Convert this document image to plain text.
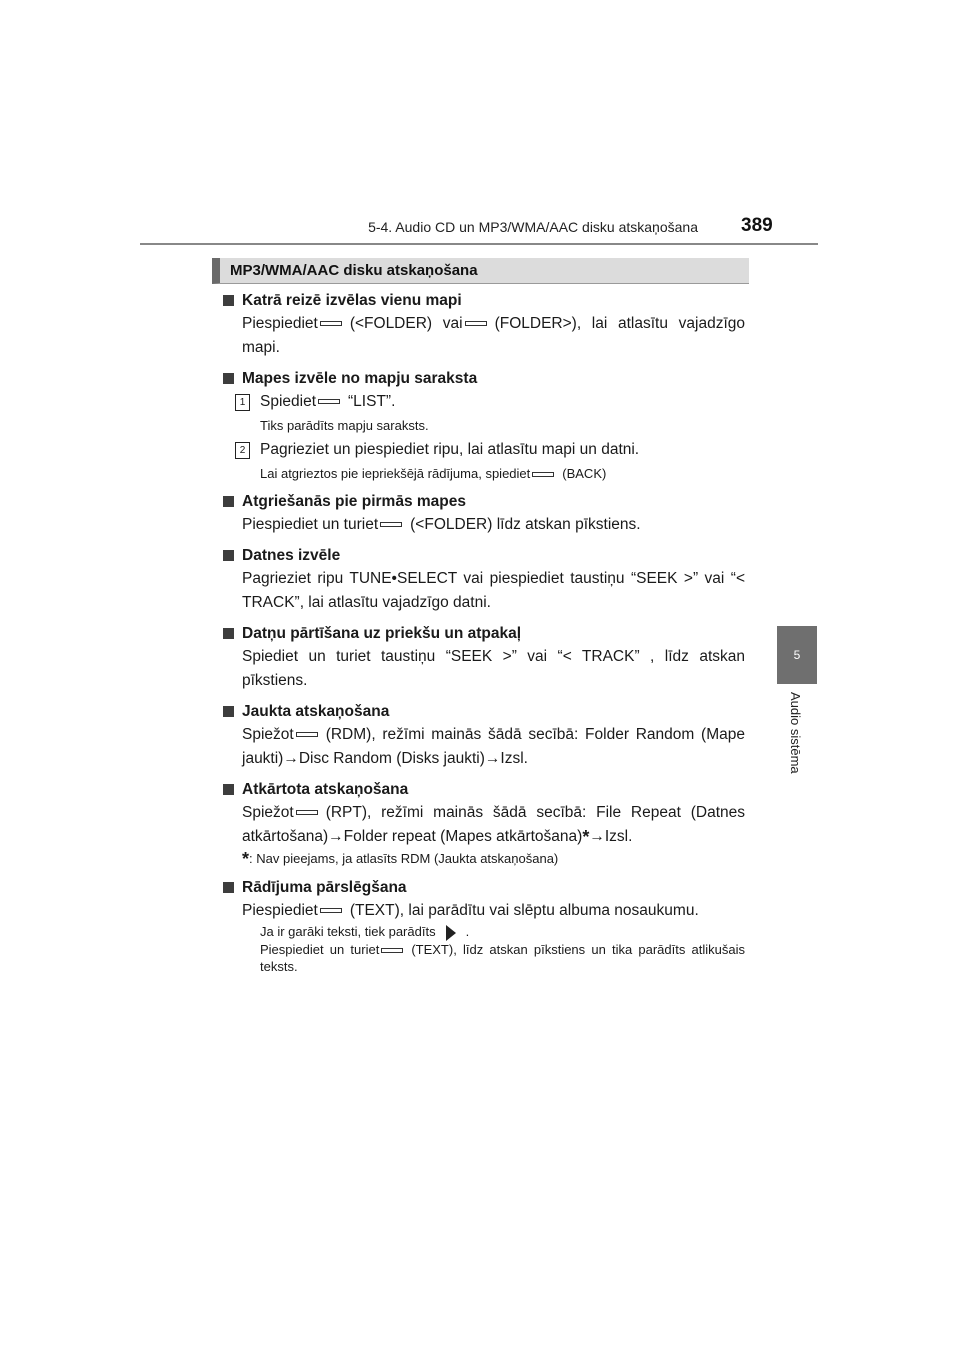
5-4. Audio CD un MP3/WMA/AAC disku atskaņošana 389
5
Audio sistēma
MP3/WMA/AAC disku atskaņošana
Katrā reizē izvēlas vienu mapi
Piespiediet (<FOLDER) vai (FOLDER>), lai atlasītu vajadzīgo mapi.
Mapes izvēle no mapju saraksta
1 Spiediet “LIST”.
Tiks parādīts mapju saraksts.
2 Pagrieziet un piespiediet ripu, lai atlasītu mapi un datni.
Lai atgrieztos pie iepriekšējā rādījuma, spiediet (BACK)
Atgriešanās pie pirmās mapes
Piespiediet un turiet (<FOLDER) līdz atskan pīkstiens.
Datnes izvēle
Pagrieziet ripu TUNE•SELECT vai piespiediet taustiņu “SEEK >” vai “< TRACK”, lai atlasītu vajadzīgo datni.
Datņu pārtīšana uz priekšu un atpakaļ
Spiediet un turiet taustiņu “SEEK >” vai “< TRACK” , līdz atskan pīkstiens.
Jaukta atskaņošana
Spiežot (RDM), režīmi mainās šādā secībā: Folder Random (Mape jaukti)→Disc Random (Disks jaukti)→Izsl.
Atkārtota atskaņošana
Spiežot (RPT), režīmi mainās šādā secībā: File Repeat (Datnes atkārtošana)→Folder repeat (Mapes atkārtošana)*→Izsl.
*: Nav pieejams, ja atlasīts RDM (Jaukta atskaņošana)
Rādījuma pārslēgšana
Piespiediet (TEXT), lai parādītu vai slēptu albuma nosaukumu.
Ja ir garāki teksti, tiek parādīts .
Piespiediet un turiet (TEXT), līdz atskan pīkstiens un tika parādīts atlikušais teksts.
